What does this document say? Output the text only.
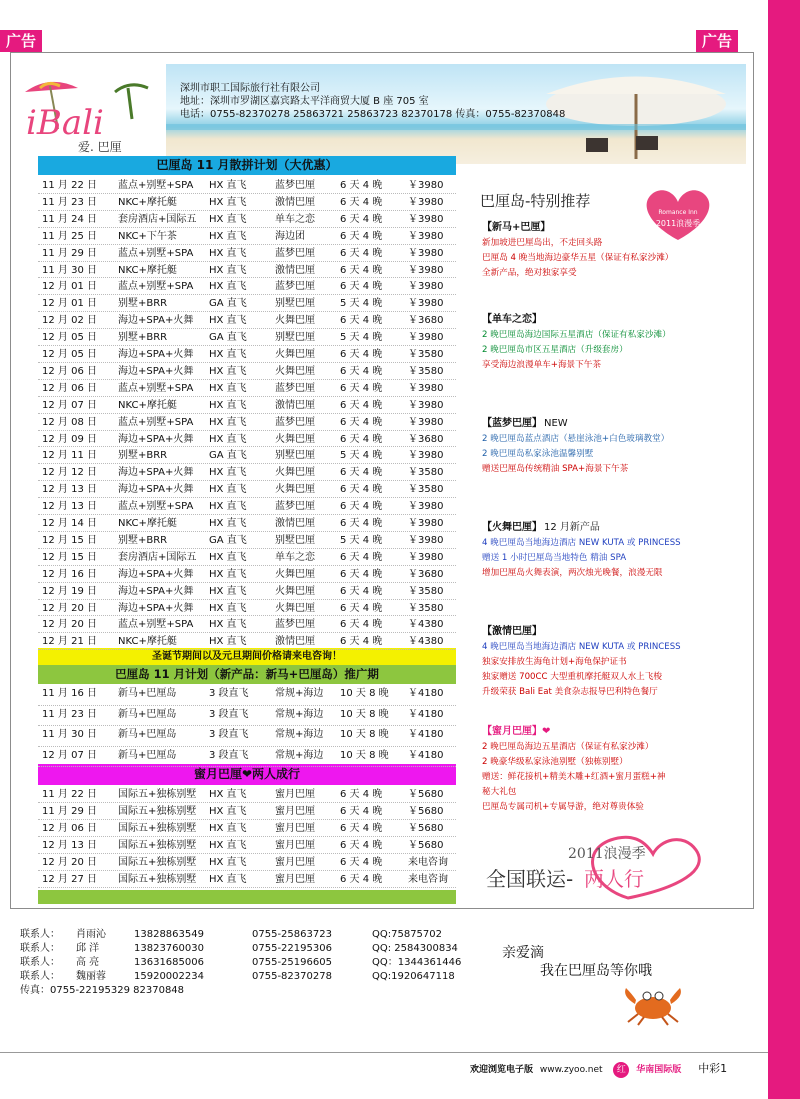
广告	广告
iBali
爱. 巴厘
深圳市职工国际旅行社有限公司
地址：深圳市罗湖区嘉宾路太平洋商贸大厦 B 座 705 室
电话：0755-82370278 25863721 25863723 82370178 传真：0755-82370848
巴厘岛 11 月散拼计划（大优惠）
圣诞节期间以及元旦期间价格请来电咨询！
巴厘岛 11 月计划（新产品：新马+巴厘岛）推广期
蜜月巴厘❤两人成行
巴厘岛-特别推荐
Romance Inn
2011浪漫季
2011浪漫季
全国联运- 两人行
亲爱滴
我在巴厘岛等你哦
联系人： 肖雨沁	13828863549	0755-25863723	QQ:75875702
联系人： 邱 洋	13823760030	0755-22195306	QQ: 2584300834
联系人： 高 亮	13631685006	0755-25196605	QQ：1344361446
联系人： 魏丽蓉	15920002234	0755-82370278	QQ:1920647118
传真：0755-22195329 82370848
欢迎浏览电子版 www.zyoo.net 红 华南国际版 中彩1
11 月 22 日 蓝点+别墅+SPA HX 直飞	蓝梦巴厘	6 天 4 晚	￥3980
11 月 23 日 NKC+摩托艇	HX 直飞	激情巴厘	6 天 4 晚	￥3980
11 月 24 日 套房酒店+国际五 HX 直飞	单车之恋	6 天 4 晚	￥3980
11 月 25 日 NKC+下午茶	HX 直飞	海边团	6 天 4 晚	￥3980
11 月 29 日 蓝点+别墅+SPA HX 直飞	蓝梦巴厘	6 天 4 晚	￥3980
11 月 30 日 NKC+摩托艇	HX 直飞	激情巴厘	6 天 4 晚	￥3980
12 月 01 日 蓝点+别墅+SPA HX 直飞	蓝梦巴厘	6 天 4 晚	￥3980
12 月 01 日 别墅+BRR	GA 直飞	别墅巴厘	5 天 4 晚	￥3980
12 月 02 日 海边+SPA+火舞 HX 直飞	火舞巴厘	6 天 4 晚	￥3680
12 月 05 日 别墅+BRR	GA 直飞	别墅巴厘	5 天 4 晚	￥3980
12 月 05 日 海边+SPA+火舞 HX 直飞	火舞巴厘	6 天 4 晚	￥3580
12 月 06 日 海边+SPA+火舞 HX 直飞	火舞巴厘	6 天 4 晚	￥3580
12 月 06 日 蓝点+别墅+SPA HX 直飞	蓝梦巴厘	6 天 4 晚	￥3980
12 月 07 日 NKC+摩托艇	HX 直飞	激情巴厘	6 天 4 晚	￥3980
12 月 08 日 蓝点+别墅+SPA HX 直飞	蓝梦巴厘	6 天 4 晚	￥3980
12 月 09 日 海边+SPA+火舞 HX 直飞	火舞巴厘	6 天 4 晚	￥3680
12 月 11 日 别墅+BRR	GA 直飞	别墅巴厘	5 天 4 晚	￥3980
12 月 12 日 海边+SPA+火舞 HX 直飞	火舞巴厘	6 天 4 晚	￥3580
12 月 13 日 海边+SPA+火舞 HX 直飞	火舞巴厘	6 天 4 晚	￥3580
12 月 13 日 蓝点+别墅+SPA HX 直飞	蓝梦巴厘	6 天 4 晚	￥3980
12 月 14 日 NKC+摩托艇	HX 直飞	激情巴厘	6 天 4 晚	￥3980
12 月 15 日 别墅+BRR	GA 直飞	别墅巴厘	5 天 4 晚	￥3980
12 月 15 日 套房酒店+国际五 HX 直飞	单车之恋	6 天 4 晚	￥3980
12 月 16 日 海边+SPA+火舞 HX 直飞	火舞巴厘	6 天 4 晚	￥3680
12 月 19 日 海边+SPA+火舞 HX 直飞	火舞巴厘	6 天 4 晚	￥3580
12 月 20 日 海边+SPA+火舞 HX 直飞	火舞巴厘	6 天 4 晚	￥3580
12 月 20 日 蓝点+别墅+SPA HX 直飞	蓝梦巴厘	6 天 4 晚	￥4380
12 月 21 日 NKC+摩托艇	HX 直飞	激情巴厘	6 天 4 晚	￥4380
11 月 16 日 新马+巴厘岛	3 段直飞	常规+海边 10 天 8 晚 ￥4180
11 月 23 日 新马+巴厘岛	3 段直飞	常规+海边 10 天 8 晚 ￥4180
11 月 30 日 新马+巴厘岛	3 段直飞	常规+海边 10 天 8 晚 ￥4180
12 月 07 日 新马+巴厘岛	3 段直飞	常规+海边 10 天 8 晚 ￥4180
11 月 22 日 国际五+独栋别墅 HX 直飞	蜜月巴厘	6 天 4 晚	￥5680
11 月 29 日 国际五+独栋别墅 HX 直飞	蜜月巴厘	6 天 4 晚	￥5680
12 月 06 日 国际五+独栋别墅 HX 直飞	蜜月巴厘	6 天 4 晚	￥5680
12 月 13 日 国际五+独栋别墅 HX 直飞	蜜月巴厘	6 天 4 晚	￥5680
12 月 20 日 国际五+独栋别墅 HX 直飞	蜜月巴厘	6 天 4 晚	来电咨询
12 月 27 日 国际五+独栋别墅 HX 直飞	蜜月巴厘	6 天 4 晚	来电咨询
【新马+巴厘】
新加坡进巴厘岛出，不走回头路
巴厘岛 4 晚当地海边豪华五星（保证有私家沙滩）
全新产品，绝对独家享受
【单车之恋】
2 晚巴厘岛海边国际五星酒店（保证有私家沙滩）
2 晚巴厘岛市区五星酒店（升级套房）
享受海边浪漫单车+海景下午茶
【蓝梦巴厘】 NEW
2 晚巴厘岛蓝点酒店（悬崖泳池+白色玻璃教堂）
2 晚巴厘岛私家泳池温馨别墅
赠送巴厘岛传统精油 SPA+海景下午茶
【火舞巴厘】 12 月新产品
4 晚巴厘岛当地海边酒店 NEW KUTA 或 PRINCESS
赠送 1 小时巴厘岛当地特色 精油 SPA
增加巴厘岛火舞表演，两次烛光晚餐，浪漫无限
【激情巴厘】
4 晚巴厘岛当地海边酒店 NEW KUTA 或 PRINCESS
独家安排放生海龟计划+海龟保护证书
独家赠送 700CC 大型重机摩托艇双人水上飞梭
升级荣获 Bali Eat 美食杂志报导巴利特色餐厅
【蜜月巴厘】❤
2 晚巴厘岛海边五星酒店（保证有私家沙滩）
2 晚豪华级私家泳池别墅（独栋别墅）
赠送：鲜花接机+精美木雕+红酒+蜜月蛋糕+神
秘大礼包
巴厘岛专属司机+专属导游，绝对尊贵体验
